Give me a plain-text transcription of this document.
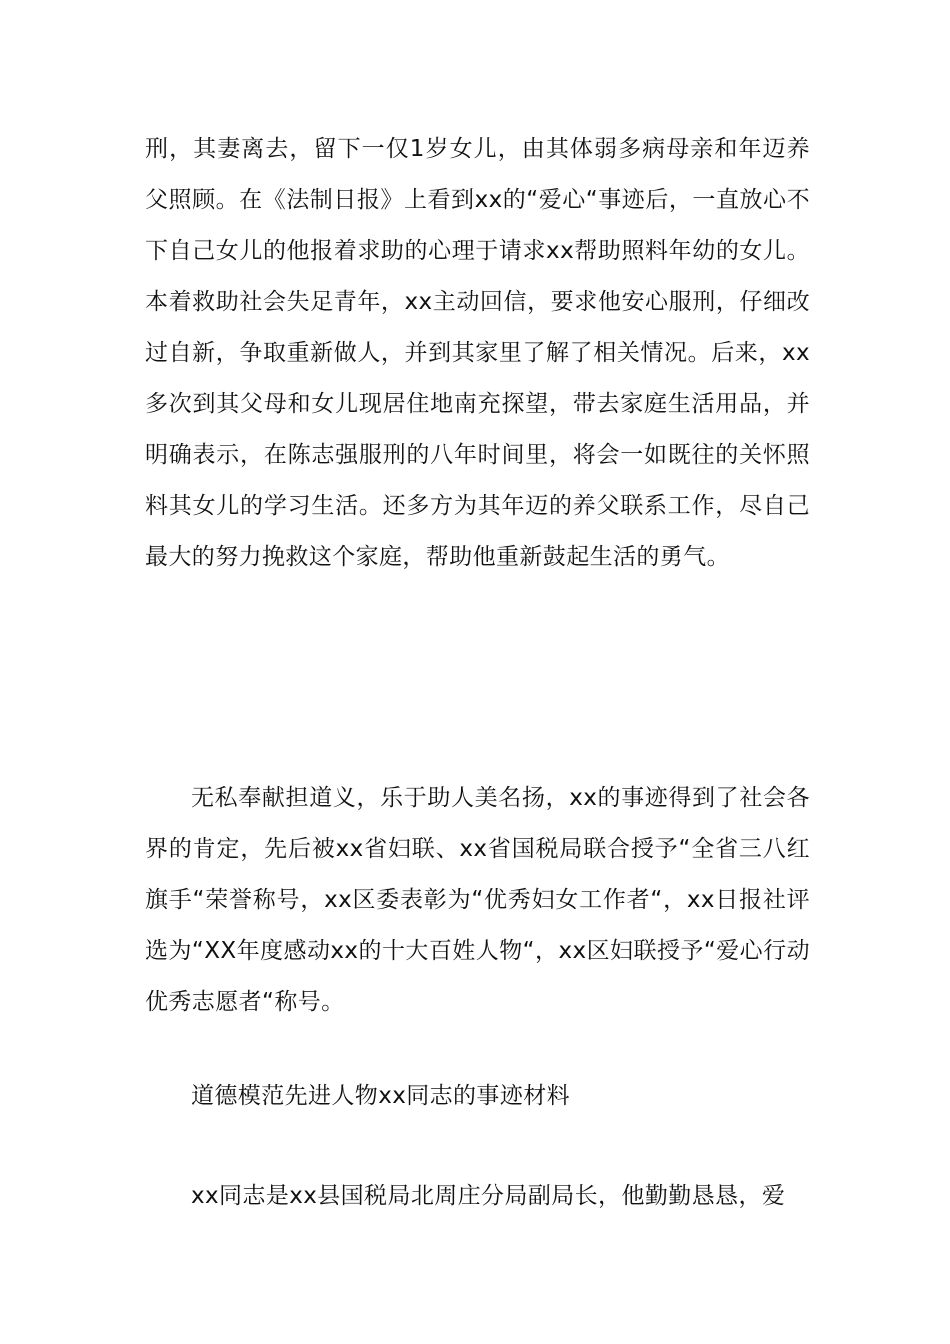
刑，其妻离去，留下一仅1岁女儿，由其体弱多病母亲和年迈养父照顾。在《法制日报》上看到xx的“爱心“事迹后，一直放心不下自己女儿的他报着求助的心理于请求xx帮助照料年幼的女儿。本着救助社会失足青年，xx主动回信，要求他安心服刑，仔细改过自新，争取重新做人，并到其家里了解了相关情况。后来，xx多次到其父母和女儿现居住地南充探望，带去家庭生活用品，并明确表示，在陈志强服刑的八年时间里，将会一如既往的关怀照料其女儿的学习生活。还多方为其年迈的养父联系工作，尽自己最大的努力挽救这个家庭，帮助他重新鼓起生活的勇气。

无私奉献担道义，乐于助人美名扬，xx的事迹得到了社会各界的肯定，先后被xx省妇联、xx省国税局联合授予“全省三八红旗手“荣誉称号，xx区委表彰为“优秀妇女工作者“，xx日报社评选为“XX年度感动xx的十大百姓人物“，xx区妇联授予“爱心行动优秀志愿者“称号。

道德模范先进人物xx同志的事迹材料

xx同志是xx县国税局北周庄分局副局长，他勤勤恳恳，爱
